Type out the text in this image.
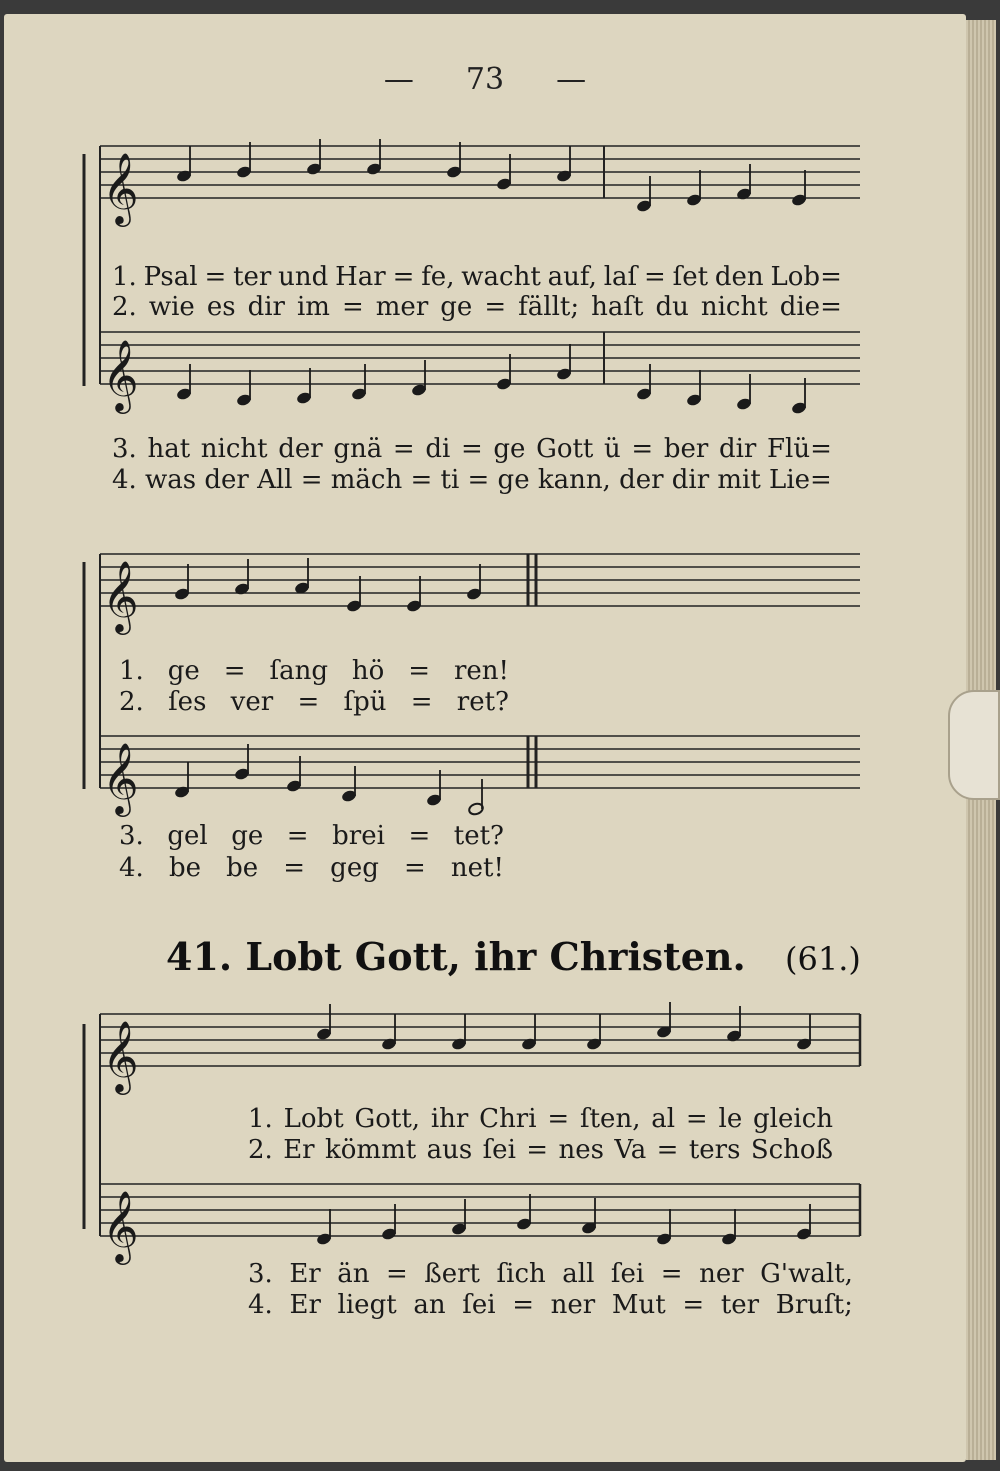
— 73 —
𝄞
𝄞
𝄞
𝄞
𝄞
𝄞
1. Psal = ter und Har = fe, wacht auf, laſ = ſet den Lob=
2. wie es dir im = mer ge = fällt; haſt du nicht die=
3. hat nicht der gnä = di = ge Gott ü = ber dir Flü=
4. was der All = mäch = ti = ge kann, der dir mit Lie=
1. ge = ſang hö = ren!
2. ſes ver = ſpü = ret?
3. gel ge = brei = tet?
4. be be = geg = net!
41. Lobt Gott, ihr Christen. (61.)
1. Lobt Gott, ihr Chri = ſten, al = le gleich
2. Er kömmt aus ſei = nes Va = ters Schoß
3. Er än = ßert ſich all ſei = ner G'walt,
4. Er liegt an ſei = ner Mut = ter Bruſt;
